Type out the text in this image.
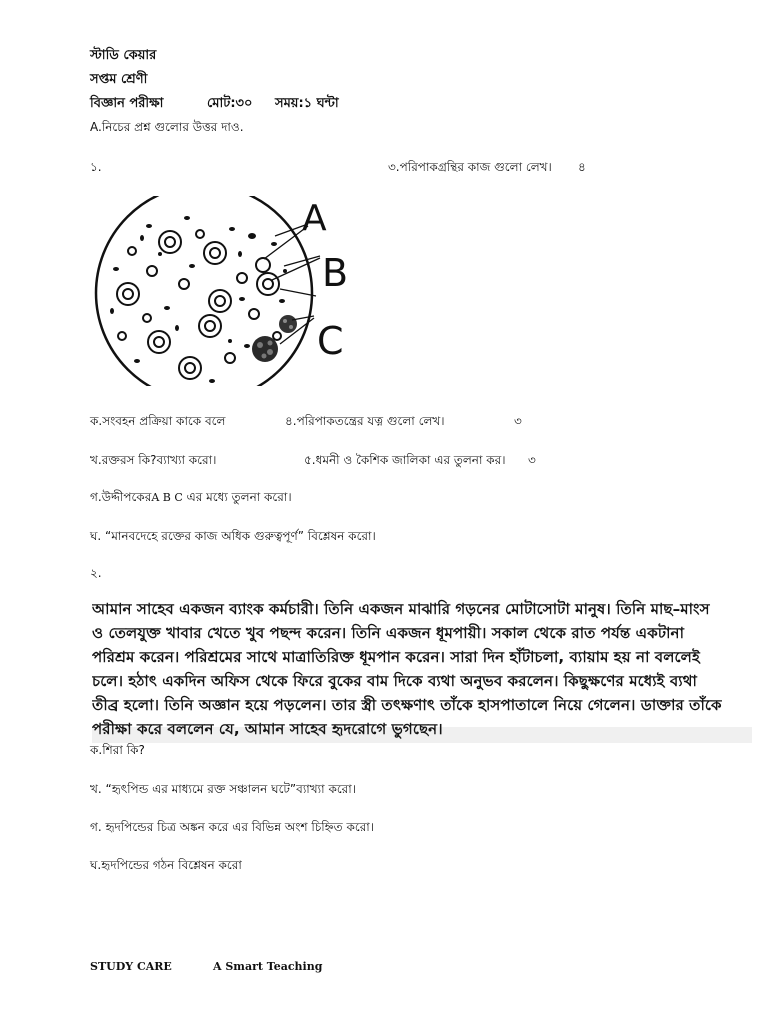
স্টাডি কেয়ার
সপ্তম শ্রেণী
বিজ্ঞান পরীক্ষা	মোট:৩০ সময়:১ ঘন্টা
A.নিচের প্রশ্ন গুলোর উত্তর দাও.
১.	৩.পরিপাকগ্রন্থির কাজ গুলো লেখ। ৪
A
B
C
ক.সংবহন প্রক্রিয়া কাকে বলে	৪.পরিপাকতন্ত্রের যত্ন গুলো লেখ।	৩
খ.রক্তরস কি?ব্যাখ্যা করো।	৫.ধমনী ও কৈশিক জালিকা এর তুলনা কর। ৩
গ.উদ্দীপকেরA B C এর মধ্যে তুলনা করো।
ঘ. “মানবদেহে রক্তের কাজ অধিক গুরুত্বপূর্ণ” বিশ্লেষন করো।
২.
আমান সাহেব একজন ব্যাংক কর্মচারী। তিনি একজন মাঝারি গড়নের মোটাসোটা মানুষ। তিনি মাছ–মাংস
ও তেলযুক্ত খাবার খেতে খুব পছন্দ করেন। তিনি একজন ধূমপায়ী। সকাল থেকে রাত পর্যন্ত একটানা
পরিশ্রম করেন। পরিশ্রমের সাথে মাত্রাতিরিক্ত ধূমপান করেন। সারা দিন হাঁটাচলা, ব্যায়াম হয় না বললেই
চলে। হঠাৎ একদিন অফিস থেকে ফিরে বুকের বাম দিকে ব্যথা অনুভব করলেন। কিছুক্ষণের মধ্যেই ব্যথা
তীব্র হলো। তিনি অজ্ঞান হয়ে পড়লেন। তার স্ত্রী তৎক্ষণাৎ তাঁকে হাসপাতালে নিয়ে গেলেন। ডাক্তার তাঁকে
পরীক্ষা করে বললেন যে, আমান সাহেব হৃদরোগে ভুগছেন।
ক.শিরা কি?
খ. “হৃৎপিন্ড এর মাধ্যমে রক্ত সঞ্চালন ঘটে”ব্যাখ্যা করো।
গ. হৃদপিন্ডের চিত্র অঙ্কন করে এর বিভিন্ন অংশ চিহ্নিত করো।
ঘ.হৃদপিন্ডের গঠন বিশ্লেষন করো
STUDY CARE	A Smart Teaching
